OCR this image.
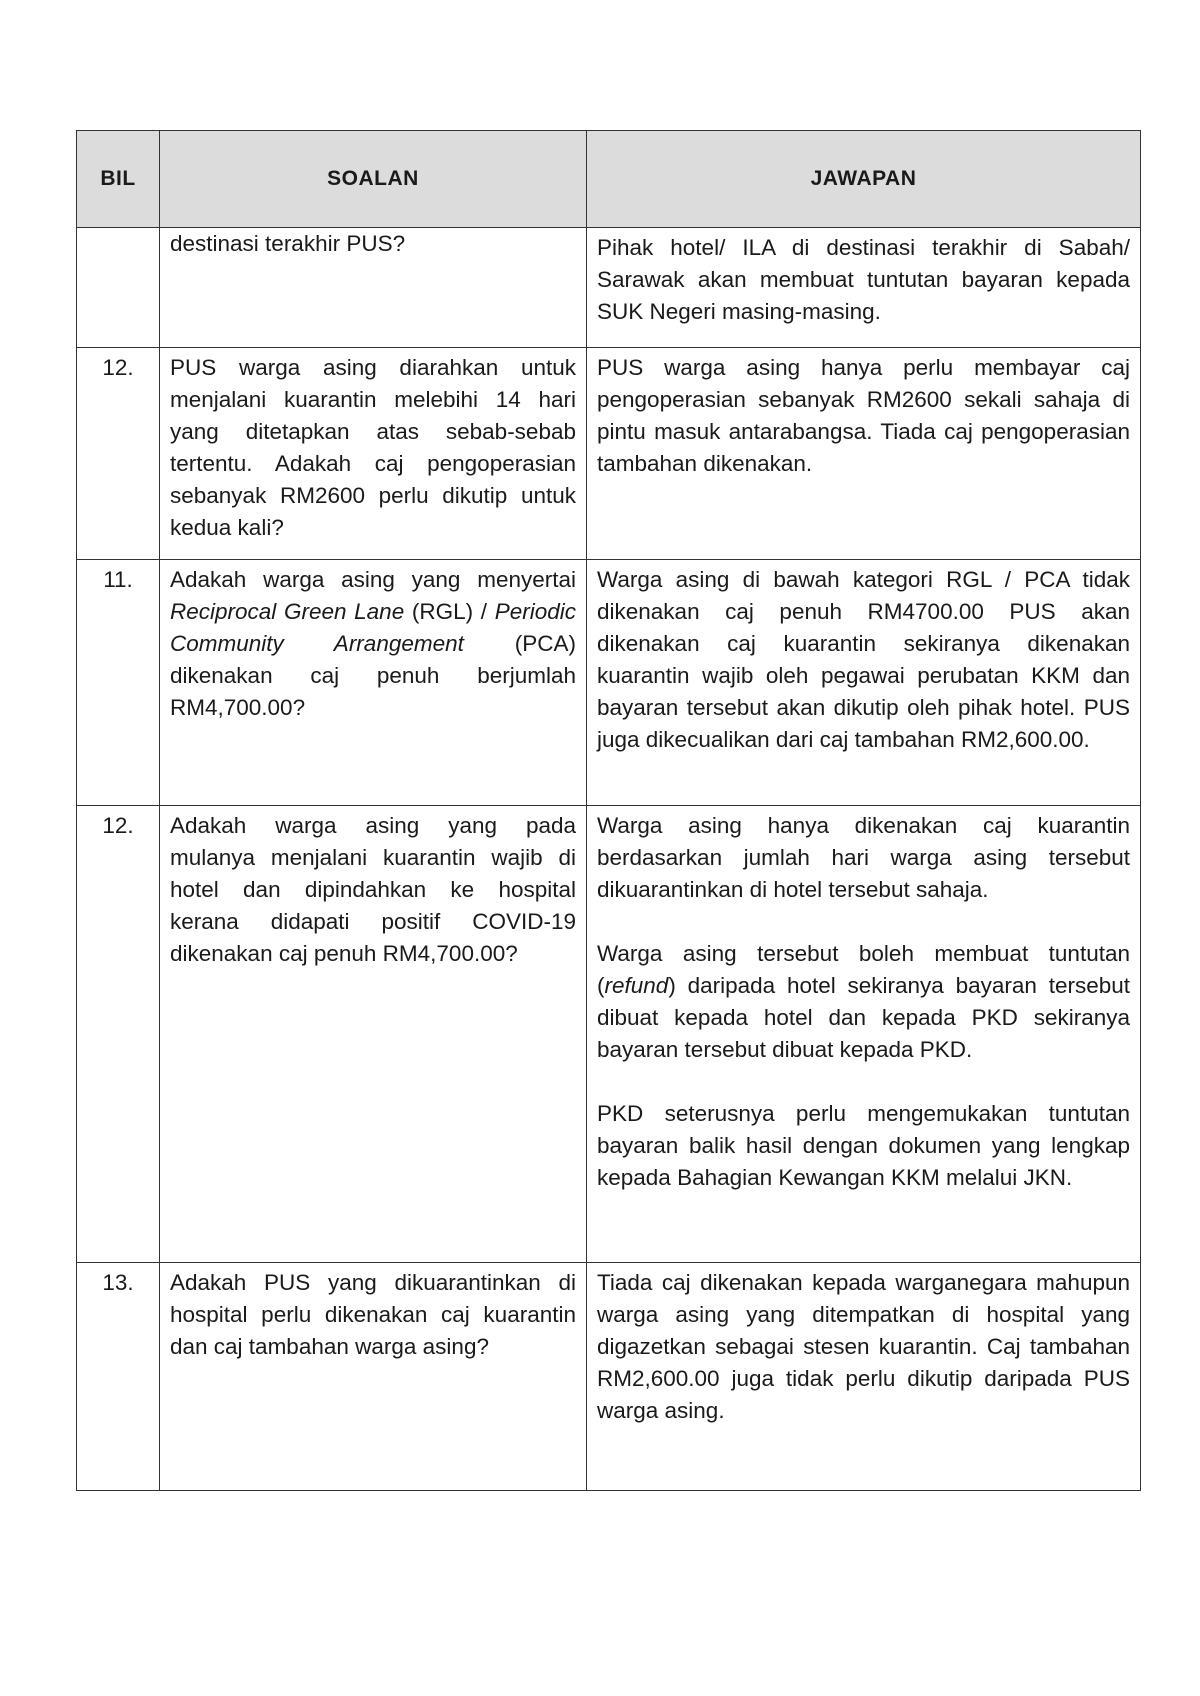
BIL	SOALAN	JAWAPAN
	destinasi terakhir PUS?	Pihak hotel/ ILA di destinasi terakhir di Sabah/ Sarawak akan membuat tuntutan bayaran kepada SUK Negeri masing-masing.

12.	PUS warga asing diarahkan untuk menjalani kuarantin melebihi 14 hari yang ditetapkan atas sebab-sebab tertentu. Adakah caj pengoperasian sebanyak RM2600 perlu dikutip untuk kedua kali?	PUS warga asing hanya perlu membayar caj pengoperasian sebanyak RM2600 sekali sahaja di pintu masuk antarabangsa. Tiada caj pengoperasian tambahan dikenakan.

11.	Adakah warga asing yang menyertai Reciprocal Green Lane (RGL) / Periodic Community Arrangement (PCA) dikenakan caj penuh berjumlah RM4,700.00?	Warga asing di bawah kategori RGL / PCA tidak dikenakan caj penuh RM4700.00 PUS akan dikenakan caj kuarantin sekiranya dikenakan kuarantin wajib oleh pegawai perubatan KKM dan bayaran tersebut akan dikutip oleh pihak hotel. PUS juga dikecualikan dari caj tambahan RM2,600.00.

12.	Adakah warga asing yang pada mulanya menjalani kuarantin wajib di hotel dan dipindahkan ke hospital kerana didapati positif COVID-19 dikenakan caj penuh RM4,700.00?	Warga asing hanya dikenakan caj kuarantin berdasarkan jumlah hari warga asing tersebut dikuarantinkan di hotel tersebut sahaja.

Warga asing tersebut boleh membuat tuntutan (refund) daripada hotel sekiranya bayaran tersebut dibuat kepada hotel dan kepada PKD sekiranya bayaran tersebut dibuat kepada PKD.

PKD seterusnya perlu mengemukakan tuntutan bayaran balik hasil dengan dokumen yang lengkap kepada Bahagian Kewangan KKM melalui JKN.

13.	Adakah PUS yang dikuarantinkan di hospital perlu dikenakan caj kuarantin dan caj tambahan warga asing?	Tiada caj dikenakan kepada warganegara mahupun warga asing yang ditempatkan di hospital yang digazetkan sebagai stesen kuarantin. Caj tambahan RM2,600.00 juga tidak perlu dikutip daripada PUS warga asing.
